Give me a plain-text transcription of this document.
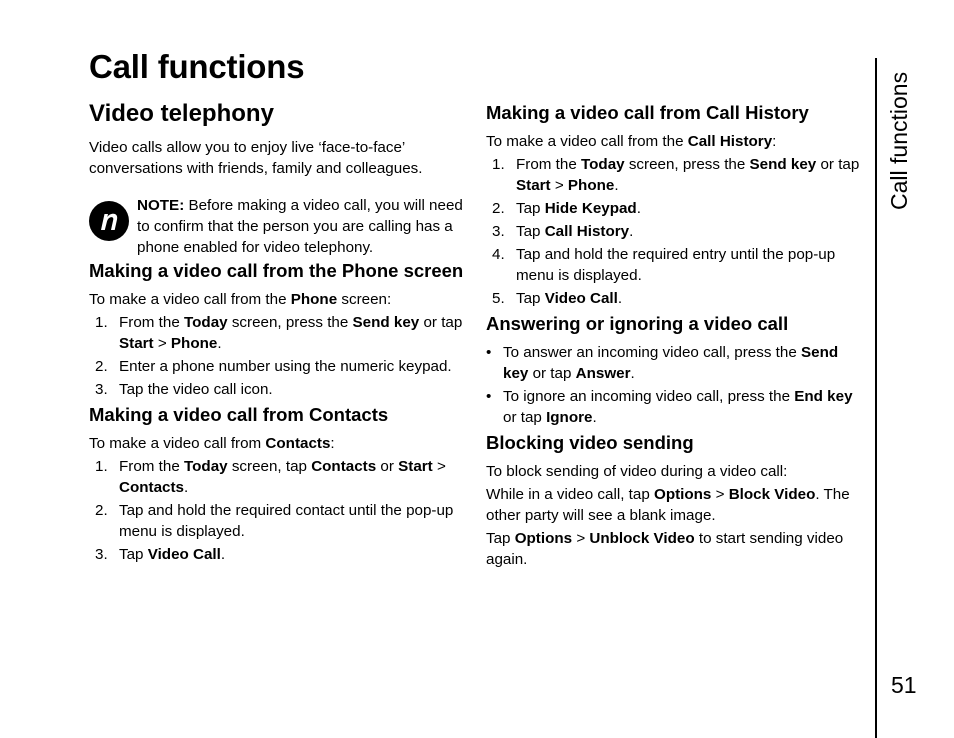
Call functions
Video telephony

Video calls allow you to enjoy live ‘face-to-face’ conversations with friends, family and colleagues.

NOTE: Before making a video call, you will need to confirm that the person you are calling has a phone enabled for video telephony.

Making a video call from the Phone screen

To make a video call from the Phone screen:

1. From the Today screen, press the Send key or tap Start > Phone.
2. Enter a phone number using the numeric keypad.
3. Tap the video call icon.
Making a video call from Contacts

To make a video call from Contacts:

1. From the Today screen, tap Contacts or Start > Contacts.
2. Tap and hold the required contact until the pop-up menu is displayed.
3. Tap Video Call.
Making a video call from Call History

To make a video call from the Call History:

1. From the Today screen, press the Send key or tap Start > Phone.
2. Tap Hide Keypad.
3. Tap Call History.
4. Tap and hold the required entry until the pop-up menu is displayed.
5. Tap Video Call.
Answering or ignoring a video call
• To answer an incoming video call, press the Send key or tap Answer.
• To ignore an incoming video call, press the End key or tap Ignore.
Blocking video sending

To block sending of video during a video call:

While in a video call, tap Options > Block Video. The other party will see a blank image.

Tap Options > Unblock Video to start sending video again.

Call functions
51
